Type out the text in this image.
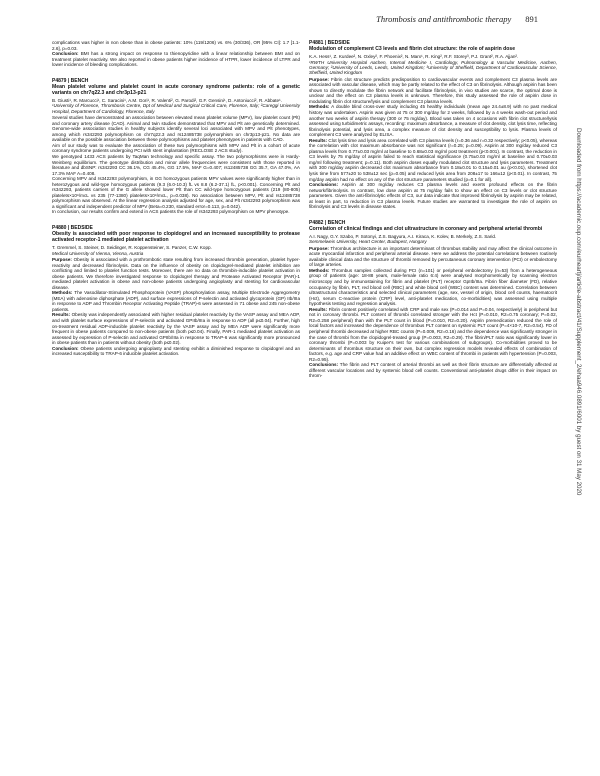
Thrombosis and antithrombotic therapy 891
Downloaded from https://academic.oup.com/eurheartj/article-abstract/41/Supplement_2/ehaa946.0891/6001 by guest on 31 May 2020

complications was higher in non obese than in obese patients: 10% (119/1206) vs. 6% (30/336), OR [95% CI]: 1.7 [1.1-2.6], p=0.03.

Conclusion: BMI has a strong impact on response to thienopyridine with a linear relationship between BMI and on treatment platelet reactivity. We also reported in obese patients higher incidence of HTPR, lower incidence of LTPR and lower incidence of bleeding complications.

P4879 | BENCH

Mean platelet volume and platelet count in acute coronary syndrome patients: role of a genetic variants on chr7q22.3 and chr3p13-p21

B. Giusti¹, R. Marcucci¹, C. Saracini¹, A.M. Gori¹, R. Valenti², G. Parodi², G.F. Gensini¹, D. Antoniucci², R. Abbate¹.

¹University of Florence, Thrombosis Centre, Dpt of Medical and Surgical Critical Care, Florence, Italy; ²Careggi University Hospital, Department of Cardiology, Florence, Italy

Several studies have demonstrated an association between elevated mean platelet volume (MPV), low platelet count (Plt) and coronary artery disease (CAD). Animal and twin studies demonstrated that MPV and Plt are genetically determined. Genome-wide association studies in healthy subjects identify several loci associated with MPV and Plt phenotypes, among which rs342293 polymorphism on chr7q22.3 and rs12485738 polymorphism on chr3p13-p21. No data are available on the possible association between these polymorphisms and platelet phenotypes in patients with CAD.

Aim of our study was to evaluate the association of these two polymorphisms with MPV and Plt in a cohort of acute coronary syndrome patients undergoing PCI with stent implantation (RECLOSE 2 ACS study).

We genotyped 1433 ACS patients by TaqMan technology and specific assay. The two polymorphisms were in Hardy-Weinberg equilibrium. The genotype distribution and minor allele frequencies were consistent with those reported in literature and dbSNP: rs342293 CC 36.1%, CG 45.4%, GG 17.5%, MAF G=0.407; rs12485738 GG 35.7, GA 47.0%, AA 17.3% MAF A=0.408.

Concerning MPV and rs342293 polymorphism, in GG homozygous patients MPV values were significantly higher than in heterozygous and wild-type homozygous patients (9.3 (6.0-10.3) fL vs 8.8 (6.2-37.1) fL, p<0.001). Concerning Plt and rs342293, patients carriers of the G allele showed lower Plt than CC wild-type homozygous patients (219 (80-805) platelets×10⁹/mcL vs 235 (77-1380) platelets×10⁹/mcL, p=0.038). No association between MPV, Plt and rs12485738 polymorphism was observed. At the linear regression analysis adjusted for age, sex, and Plt rs342293 polymorphism was a significant and independent predictor of MPV (Beta=0.230, standard error=0.113, p=0.042).

In conclusion, our results confirm and extend in ACS patients the role of rs342293 polymorphism on MPV phenotype.

P4880 | BEDSIDE

Obesity is associated with poor response to clopidogrel and an increased susceptibility to protease activated receptor-1 mediated platelet activation

T. Gremmel, S. Steiner, D. Seidinger, R. Koppensteiner, S. Panzer, C.W. Kopp.

Medical University of Vienna, Vienna, Austria

Purpose: Obesity is associated with a prothrombotic state resulting from increased thrombin generation, platelet hyper-reactivity and decreased fibrinolysis. Data on the influence of obesity on clopidogrel-mediated platelet inhibition are conflicting and limited to platelet function tests. Moreover, there are no data on thrombin-inducible platelet activation in obese patients. We therefore investigated response to clopidogrel therapy and Protease Activated Receptor (PAR)-1 mediated platelet activation in obese and non-obese patients undergoing angioplasty and stenting for cardiovascular disease.

Methods: The Vasodilator-Stimulated Phosphoprotein (VASP) phosphorylation assay, Multiple Electrode Aggregometry (MEA) with adenosine diphosphate (ADP), and surface expressions of P-selectin and activated glycoprotein (GP) IIb/IIIa in response to ADP and Thrombin Receptor Activating Peptide (TRAP)-6 were assessed in 71 obese and 245 non-obese patients.

Results: Obesity was independently associated with higher residual platelet reactivity by the VASP assay and MEA ADP, and with platelet surface expressions of P-selectin and activated GPIIb/IIIa in response to ADP (all p≤0.04). Further, high on-treatment residual ADP-inducible platelet reactivity by the VASP assay and by MEA ADP were significantly more frequent in obese patients compared to non-obese patients (both p≤0.04). Finally, PAR-1 mediated platelet activation as assessed by expression of P-selectin and activated GPIIb/IIIa in response to TRAP-6 was significantly more pronounced in obese patients than in patients without obesity (both p≤0.02).

Conclusion: Obese patients undergoing angioplasty and stenting exhibit a diminished response to clopidogrel and an increased susceptibility to TRAP-6 inducible platelet activation.

P4881 | BEDSIDE

Modulation of complement C3 levels and fibrin clot structure: the role of aspirin dose

K.A. Hess¹, Z. Kurdee², N. Oxley², F. Phoenix², N. Marx¹, R. King², R.F. Storey³, P.J. Grant², R.A. Ajjan².

¹RWTH University Hospital Aachen, Internal Medicine I, Cardiology, Pulmonology & Vascular Medicine, Aachen, Germany; ²University of Leeds, Leeds, United Kingdom; ³University of Sheffield, Department of Cardiovascular Science, Sheffield, United Kingdom

Purpose: Fibrin clot structure predicts predisposition to cardiovascular events and complement C3 plasma levels are associated with vascular disease, which may be partly related to the effect of C3 on fibrinolysis. Although aspirin has been shown to directly modulate the fibrin network and facilitate fibrinolysis, in vivo studies are scarce, the optimal dose is unclear and the effect on C3 plasma levels is unknown. Therefore, this study assessed the role of aspirin dose in modulating fibrin clot structure/lysis and complement C3 plasma levels.

Methods: A double blind cross-over study including 45 healthy individuals (mean age 24.4±8.9) with no past medical history was undertaken. Aspirin was given at 75 or 300 mg/day for 2 weeks, followed by a 4 weeks wash-out period and another two weeks of aspirin therapy (300 or 75 mg/day). Blood was taken on 4 occasions with fibrin clot structure/lysis assessed using turbidimetric assays, recording: maximum absorbance, a measure of clot density, clot lysis time, reflecting fibrinolysis potential, and lysis area, a complex measure of clot density and susceptibility to lysis. Plasma levels of complement C3 were analyzed by ELISA.

Results: Clot lysis time and lysis area correlated with C3 plasma levels (r=0.36 and r=0.32 respectively; p<0.05), whereas the correlation with clot maximum absorbance was not significant (r=0.25; p=0.09). Aspirin at 300 mg/day reduced C3 plasma levels from 0.77±0.03 mg/ml at baseline to 0.68±0.03 mg/ml post treatment (p<0.001). In contrast, the reduction in C3 levels by 75 mg/day of aspirin failed to reach statistical significance (0.75±0.03 mg/ml at baseline and 0.70±0.03 mg/ml following treatment; p=0.11). Both aspirin doses equally modulated clot structure and lysis parameters. Treatment with 300 mg/day aspirin decreased clot maximum absorbance from 0.18±0.01 to 0.15±0.01 au (p<0.01), shortened clot lysis time from 577±20 to 538±12 sec (p=0.05) and reduced lysis area from 208±17 to 166±12 (p<0.01). In contrast, 75 mg/day aspirin had no effect on any of the clot structure parameters studied (p=0.1 for all).

Conclusions: Aspirin at 300 mg/day reduces C3 plasma levels and exerts profound effects on the fibrin network/fibrinolysis. In contrast, low dose aspirin at 75 mg/day fails to show an effect on C3 levels or clot structure parameters. Given the anti-fibrinolytic effects of C3, our data indicate that improved fibrinolysis by aspirin may be related, at least in part, to reduction in C3 plasma levels. Future studies are warranted to investigate the role of aspirin on fibrinolysis and C3 levels in disease states.

P4882 | BENCH

Correlation of clinical findings and clot ultrastructure in coronary and peripheral arterial thrombi

A.I. Nagy, G.Y. Szabo, P. Sotonyi, Z.S. Bagyura, A.I. Kiraca, K. Kolev, B. Merkely, Z.S. Sarid.

Semmelweis University, Heart Center, Budapest, Hungary

Purpose: Thrombus architecture is an important determinant of thrombus stability and may affect the clinical outcome in acute myocardial infarction and peripheral arterial disease. Here we address the potential correlations between routinely available clinical data and the structure of thrombi removed by percutaneous coronary intervention (PCI) or embolectomy of large arteries.

Methods: Thrombus samples collected during PCI (n=101) or peripheral embolectomy (n=53) from a heterogeneous group of patients (age: 18-88 years, male-female ratio 6:4) were analysed morphometrically by scanning electron microscopy and by immunostaining for fibrin and platelet (PLT) receptor GpIIb/IIIa. Fibrin fiber diameter (FD), relative occupancy by fibrin, PLT, red blood cell (RBC) and white blood cell (WBC) content was determined. Correlation between ultrastructural characteristics and selected clinical parameters (age, sex, vessel of origin, blood cell counts, haematocrit (Hct), serum C-reactive protein (CRP) level, anti-platelet medication, co-morbidities) was assessed using multiple hypothesis testing and regression analysis.

Results: Fibrin content positively correlated with CRP and male sex (P=0.014 and P=0.04, respectively) in peripheral but not in coronary thrombi. PLT content of thrombi correlated stronger with the Hct (P=0.010, R2=0.75 coronary; P=0.02, R2=0.258 peripheral) than with the PLT count in blood (P=0.010, R2=0.20). Aspirin premedication reduced the role of local factors and increased the dependence of thrombus PLT content on systemic PLT count (P=4×10-7, R2=0.54). FD of peripheral thrombi decreased at higher RBC counts (P=0.009, R2=0.16) and the dependence was significantly stronger in the case of thrombi from the clopidogrel-treated group (P=0.003, R2=0.29). The fibrin/PLT ratio was significantly lower in coronary thrombi (P=0.003 by Kuiper's test for various combinations of subgroups). Co-morbidities proved to be determinants of thrombus structure on their own, but complex regression models revealed effects of combination of factors, e.g. age and CRP value had an additive effect on WBC content of thrombi in patients with hypertension (P=0.003, R2=0.95).

Conclusions: The fibrin and PLT content of arterial thrombi as well as their fibrin structure are differentially affected at different vascular locations and by systemic blood cell counts. Conventional anti-platelet drugs differ in their impact on throm-
